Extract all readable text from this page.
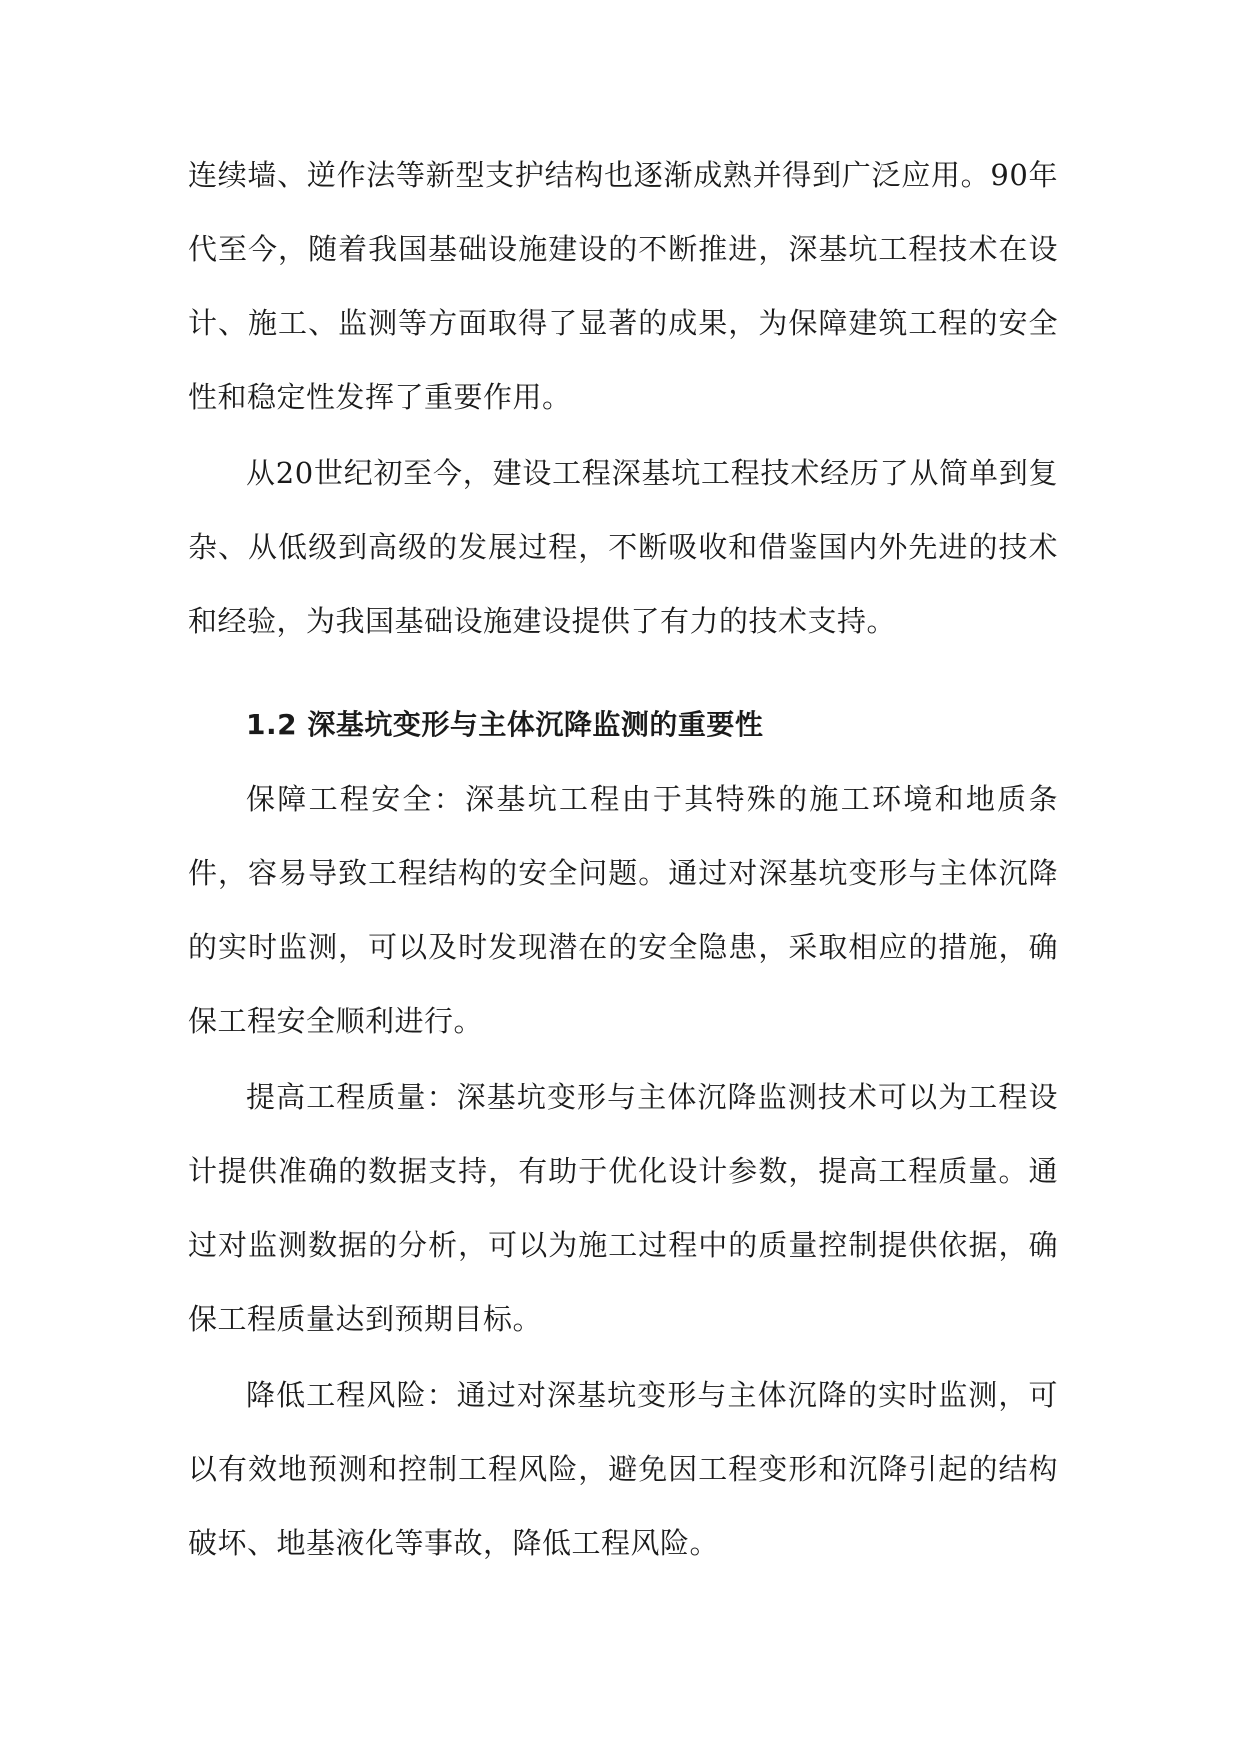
连续墙、逆作法等新型支护结构也逐渐成熟并得到广泛应用。90年代至今，随着我国基础设施建设的不断推进，深基坑工程技术在设计、施工、监测等方面取得了显著的成果，为保障建筑工程的安全性和稳定性发挥了重要作用。

从20世纪初至今，建设工程深基坑工程技术经历了从简单到复杂、从低级到高级的发展过程，不断吸收和借鉴国内外先进的技术和经验，为我国基础设施建设提供了有力的技术支持。

1.2 深基坑变形与主体沉降监测的重要性

保障工程安全：深基坑工程由于其特殊的施工环境和地质条件，容易导致工程结构的安全问题。通过对深基坑变形与主体沉降的实时监测，可以及时发现潜在的安全隐患，采取相应的措施，确保工程安全顺利进行。

提高工程质量：深基坑变形与主体沉降监测技术可以为工程设计提供准确的数据支持，有助于优化设计参数，提高工程质量。通过对监测数据的分析，可以为施工过程中的质量控制提供依据，确保工程质量达到预期目标。

降低工程风险：通过对深基坑变形与主体沉降的实时监测，可以有效地预测和控制工程风险，避免因工程变形和沉降引起的结构破坏、地基液化等事故，降低工程风险。
